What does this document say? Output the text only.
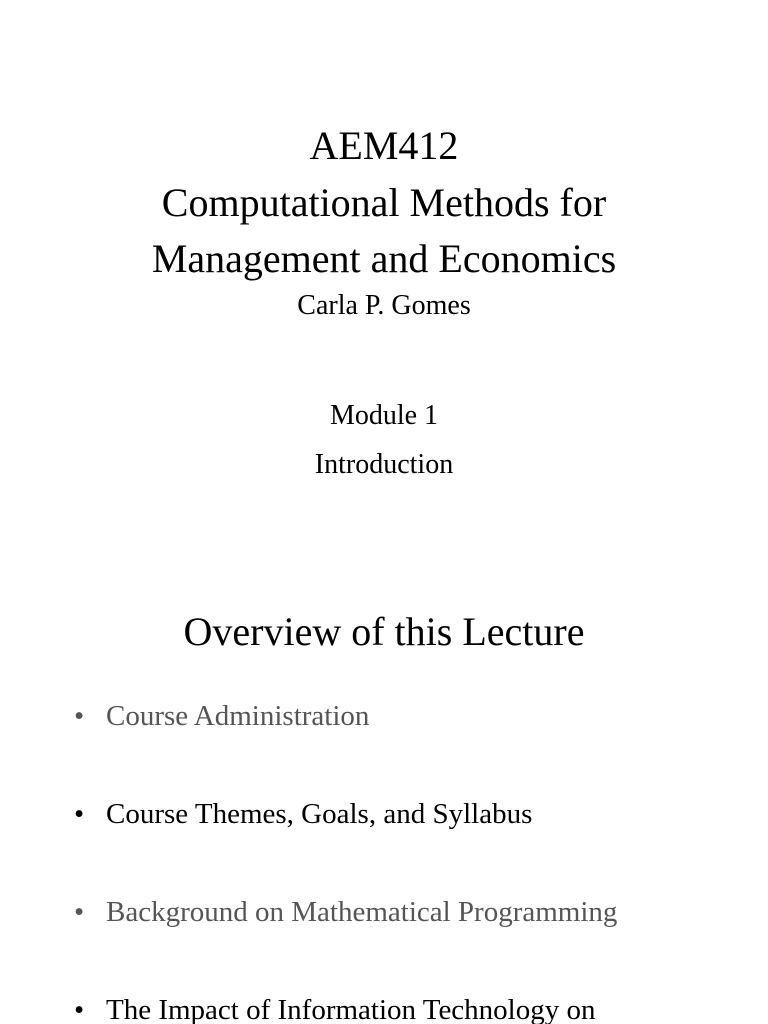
AEM412
Computational Methods for
Management and Economics
Carla P. Gomes
Module 1
Introduction
Overview of this Lecture
• Course Administration
• Course Themes, Goals, and Syllabus
• Background on Mathematical Programming
• The Impact of Information Technology on
